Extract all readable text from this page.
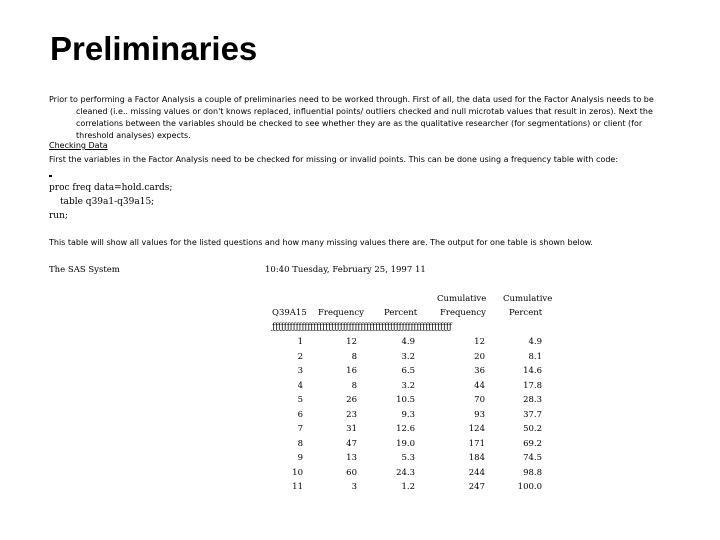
Preliminaries
Prior to performing a Factor Analysis a couple of preliminaries need to be worked through. First of all, the data used for the Factor Analysis needs to be
cleaned (i.e.. missing values or don't knows replaced, influential points/ outliers checked and null microtab values that result in zeros). Next the
correlations between the variables should be checked to see whether they are as the qualitative researcher (for segmentations) or client (for
threshold analyses) expects.
Checking Data
First the variables in the Factor Analysis need to be checked for missing or invalid points. This can be done using a frequency table with code:
proc freq data=hold.cards;
table q39a1-q39a15;
run;
This table will show all values for the listed questions and how many missing values there are. The output for one table is shown below.
The SAS System	10:40 Tuesday, February 25, 1997 11
Cumulative Cumulative
Q39A15 Frequency Percent	Frequency	Percent
ƒƒƒƒƒƒƒƒƒƒƒƒƒƒƒƒƒƒƒƒƒƒƒƒƒƒƒƒƒƒƒƒƒƒƒƒƒƒƒƒƒƒƒƒƒƒƒƒƒƒƒƒƒƒƒƒƒƒƒƒƒ
1	12	4.9	12	4.9
2	8	3.2	20	8.1
3	16	6.5	36	14.6
4	8	3.2	44	17.8
5	26	10.5	70	28.3
6	23	9.3	93	37.7
7	31	12.6	124	50.2
8	47	19.0	171	69.2
9	13	5.3	184	74.5
10	60	24.3	244	98.8
11	3	1.2	247	100.0
